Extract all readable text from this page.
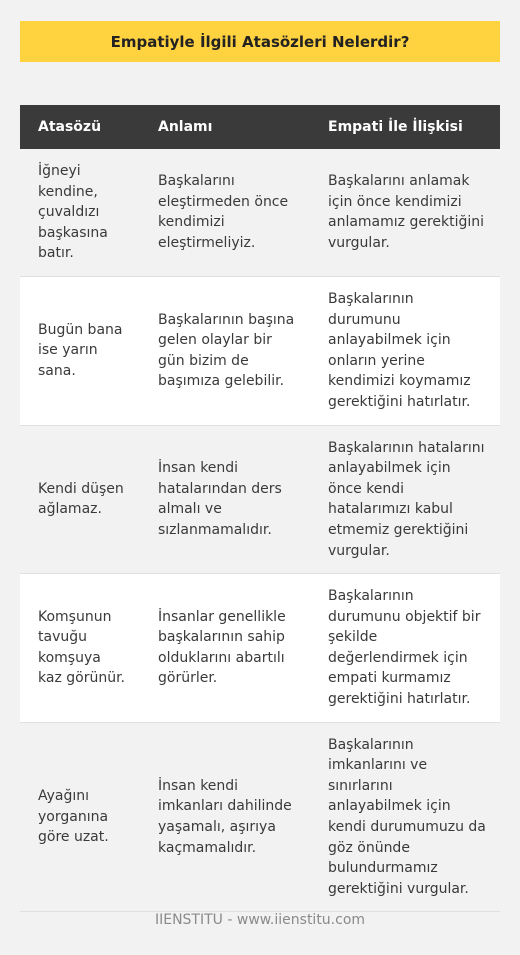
Empatiyle İlgili Atasözleri Nelerdir?
Atasözü	Anlamı	Empati İle İlişkisi
İğneyi kendine, çuvaldızı başkasına batır.	Başkalarını eleştirmeden önce kendimizi eleştirmeliyiz.	Başkalarını anlamak için önce kendimizi anlamamız gerektiğini vurgular.
Bugün bana ise yarın sana.	Başkalarının başına gelen olaylar bir gün bizim de başımıza gelebilir.	Başkalarının durumunu anlayabilmek için onların yerine kendimizi koymamız gerektiğini hatırlatır.
Kendi düşen ağlamaz.	İnsan kendi hatalarından ders almalı ve sızlanmamalıdır.	Başkalarının hatalarını anlayabilmek için önce kendi hatalarımızı kabul etmemiz gerektiğini vurgular.
Komşunun tavuğu komşuya kaz görünür.	İnsanlar genellikle başkalarının sahip olduklarını abartılı görürler.	Başkalarının durumunu objektif bir şekilde değerlendirmek için empati kurmamız gerektiğini hatırlatır.
Ayağını yorganına göre uzat.	İnsan kendi imkanları dahilinde yaşamalı, aşırıya kaçmamalıdır.	Başkalarının imkanlarını ve sınırlarını anlayabilmek için kendi durumumuzu da göz önünde bulundurmamız gerektiğini vurgular.
IIENSTITU - www.iienstitu.com
